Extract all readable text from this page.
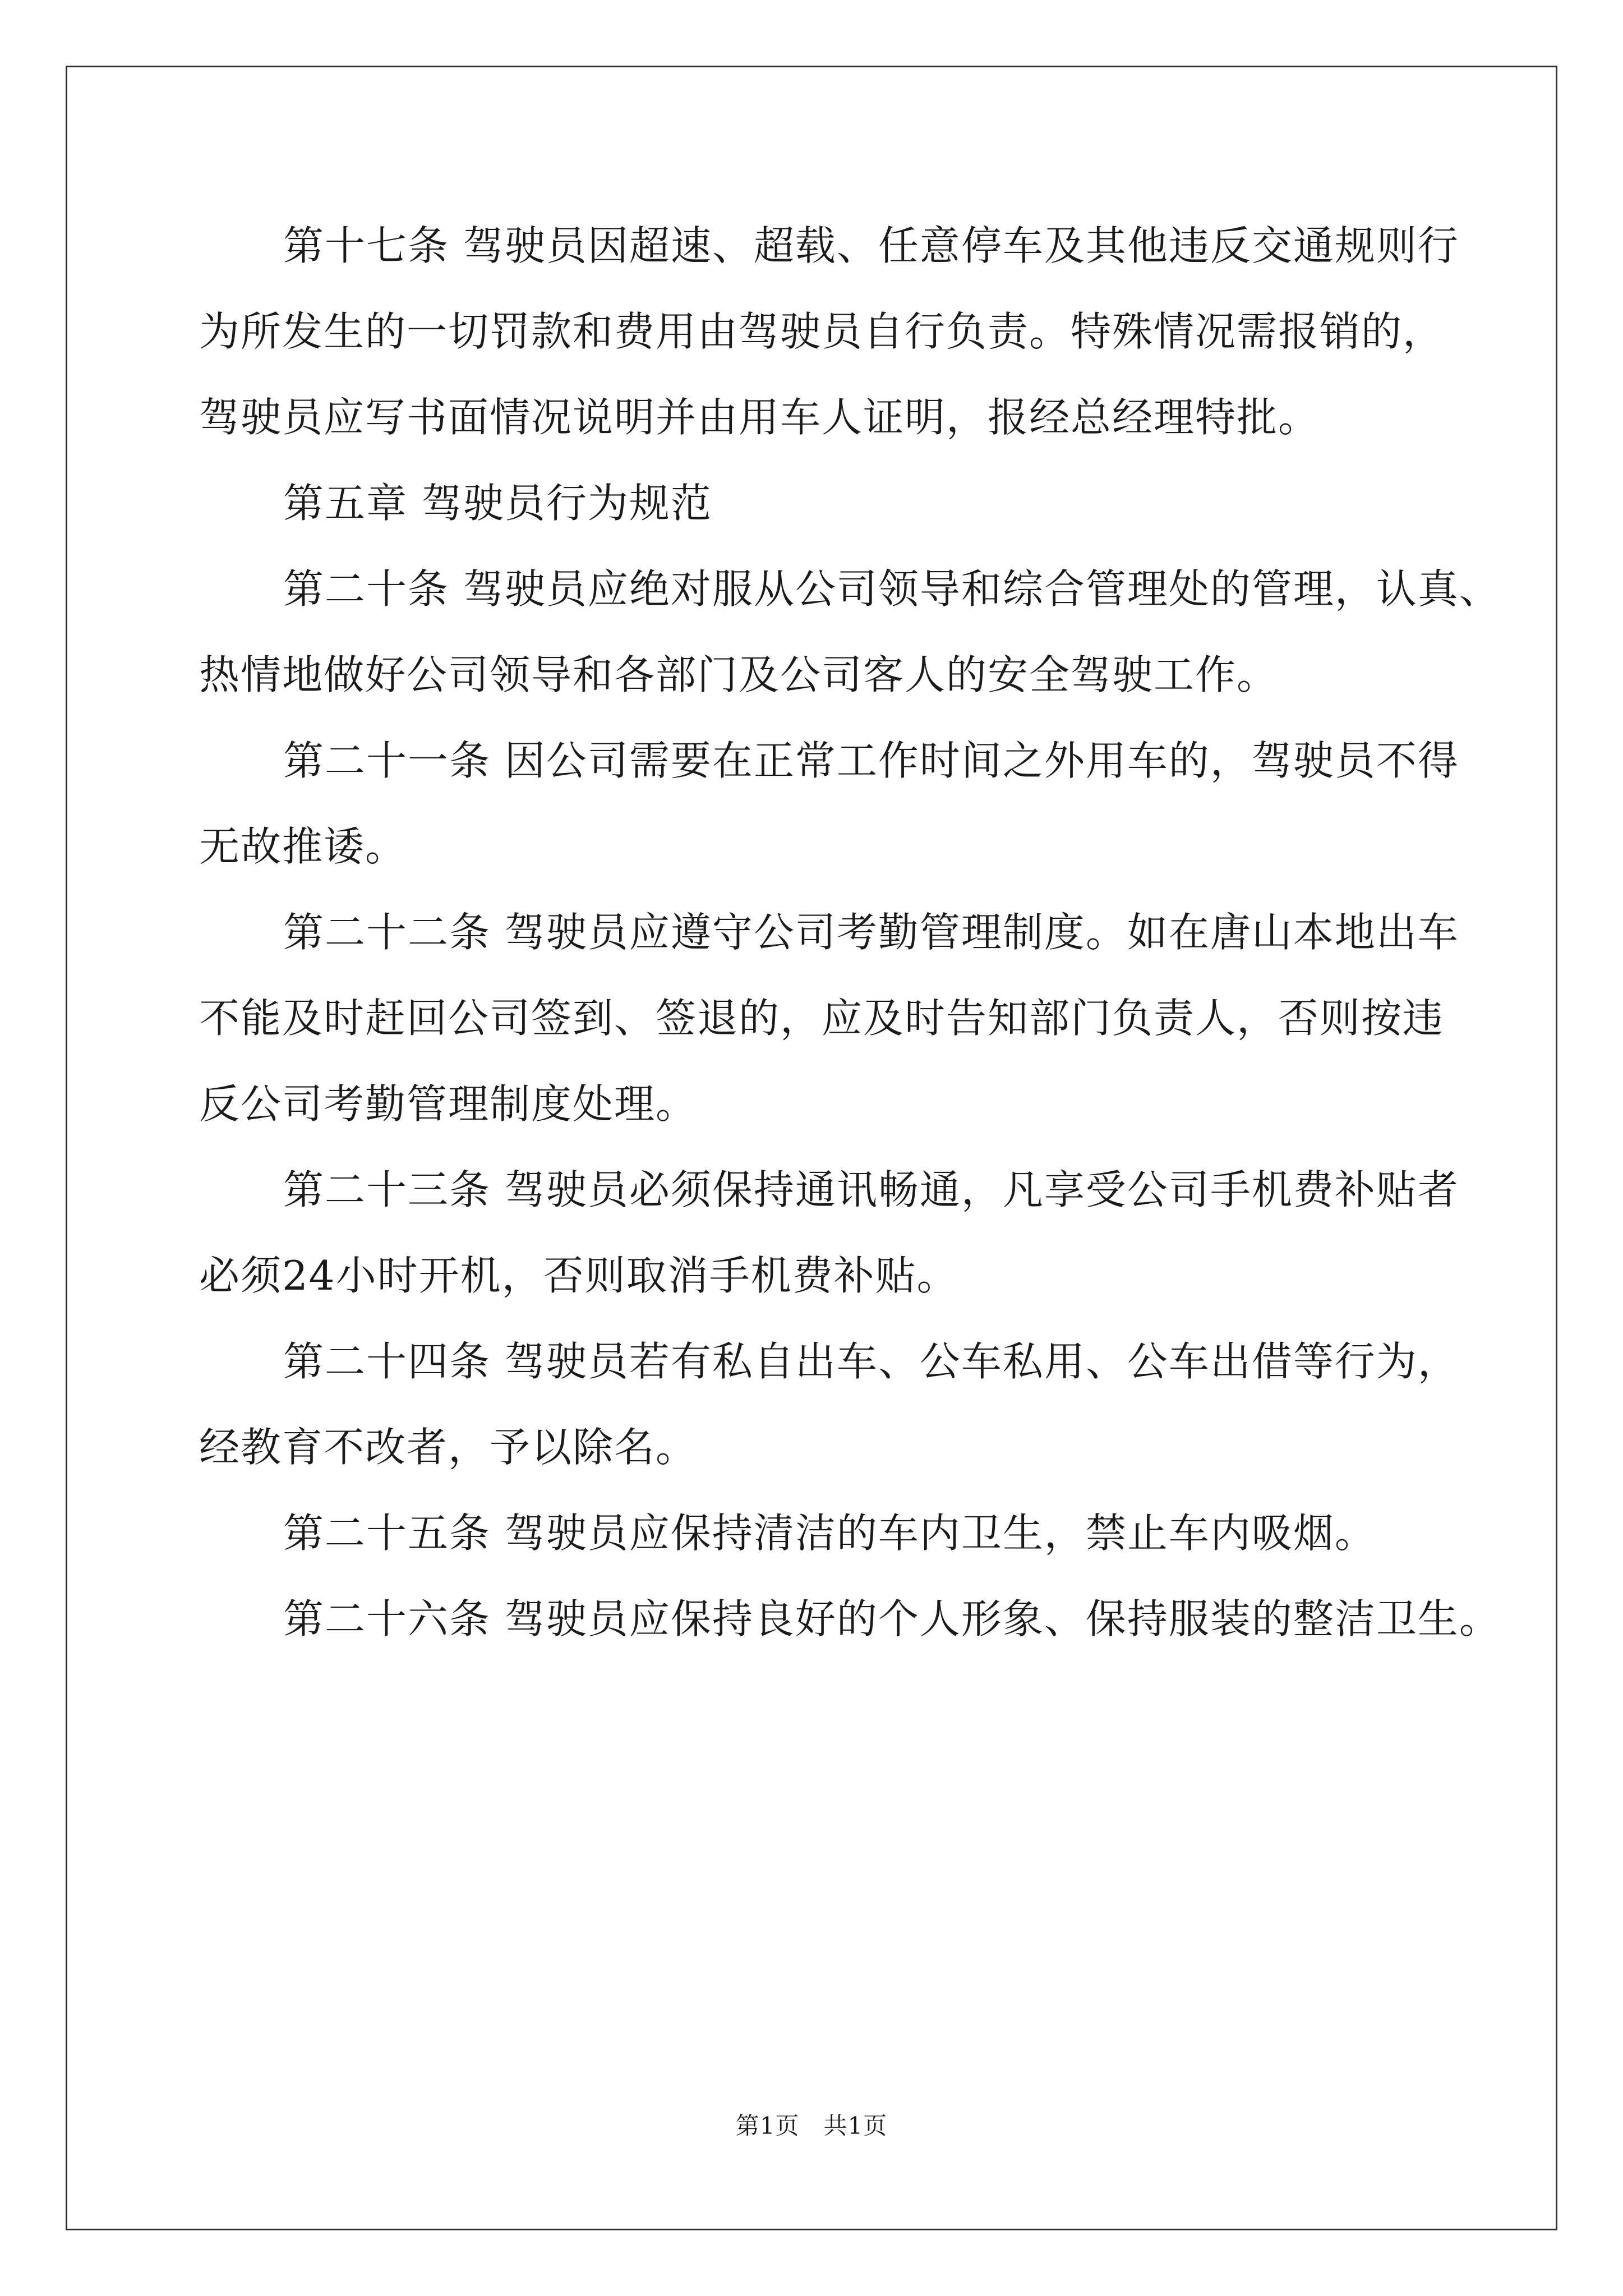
第十七条 驾驶员因超速、超载、任意停车及其他违反交通规则行
为所发生的一切罚款和费用由驾驶员自行负责。特殊情况需报销的，
驾驶员应写书面情况说明并由用车人证明，报经总经理特批。
第五章 驾驶员行为规范
第二十条 驾驶员应绝对服从公司领导和综合管理处的管理，认真、
热情地做好公司领导和各部门及公司客人的安全驾驶工作。
第二十一条 因公司需要在正常工作时间之外用车的，驾驶员不得
无故推诿。
第二十二条 驾驶员应遵守公司考勤管理制度。如在唐山本地出车
不能及时赶回公司签到、签退的，应及时告知部门负责人，否则按违
反公司考勤管理制度处理。
第二十三条 驾驶员必须保持通讯畅通，凡享受公司手机费补贴者
必须24小时开机，否则取消手机费补贴。
第二十四条 驾驶员若有私自出车、公车私用、公车出借等行为，
经教育不改者，予以除名。
第二十五条 驾驶员应保持清洁的车内卫生，禁止车内吸烟。
第二十六条 驾驶员应保持良好的个人形象、保持服装的整洁卫生。
第1页　共1页
